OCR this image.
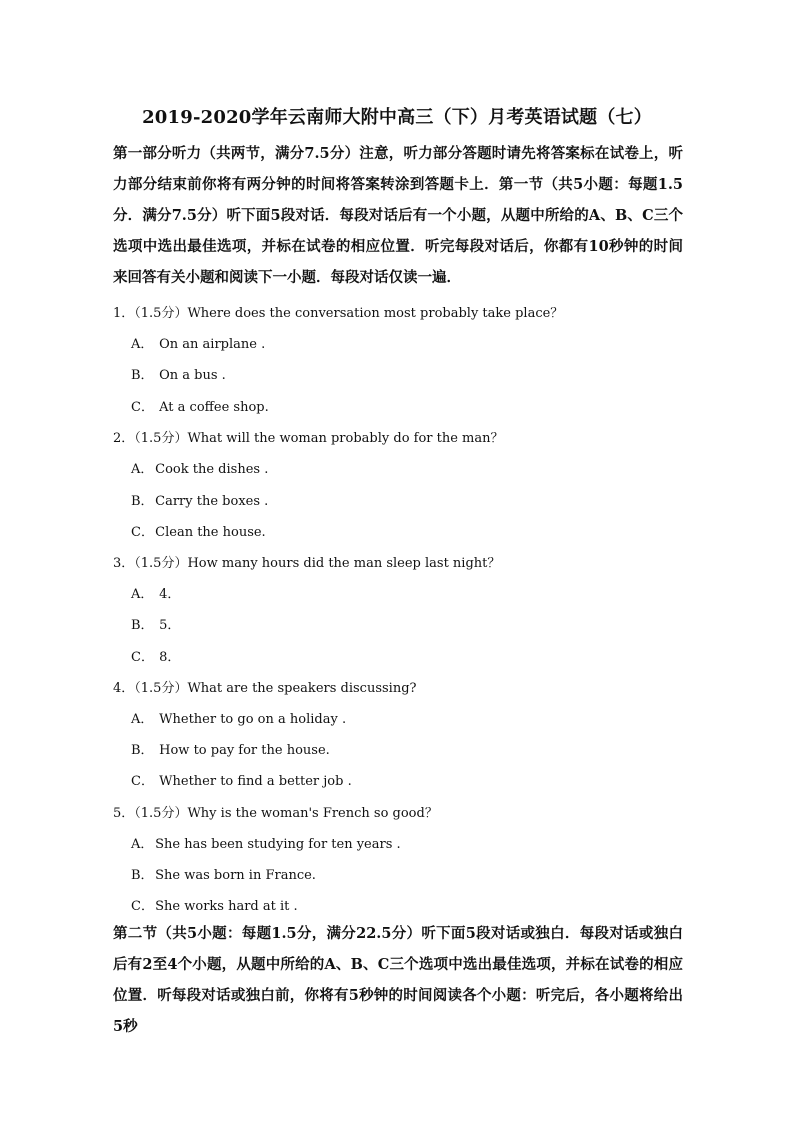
2019-2020学年云南师大附中高三（下）月考英语试题（七）

第一部分听力（共两节，满分7.5分）注意，听力部分答题时请先将答案标在试卷上，听力部分结束前你将有两分钟的时间将答案转涂到答题卡上．第一节（共5小题：每题1.5分．满分7.5分）听下面5段对话．每段对话后有一个小题，从题中所给的A、B、C三个选项中选出最佳选项，并标在试卷的相应位置．听完每段对话后，你都有10秒钟的时间来回答有关小题和阅读下一小题．每段对话仅读一遍．

1．（1.5分）Where does the conversation most probably take place？
A． On an airplane .
B． On a bus .
C． At a coffee shop.
2．（1.5分）What will the woman probably do for the man？
A． Cook the dishes .
B． Carry the boxes .
C． Clean the house.
3．（1.5分）How many hours did the man sleep last night？
A． 4．
B． 5．
C． 8．
4．（1.5分）What are the speakers discussing?
A． Whether to go on a holiday .
B． How to pay for the house.
C． Whether to find a better job .
5．（1.5分）Why is the woman's French so good？
A． She has been studying for ten years .
B． She was born in France.
C． She works hard at it .

第二节（共5小题：每题1.5分，满分22.5分）听下面5段对话或独白．每段对话或独白后有2至4个小题，从题中所给的A、B、C三个选项中选出最佳选项，并标在试卷的相应位置．听每段对话或独白前，你将有5秒钟的时间阅读各个小题：听完后，各小题将给出5秒
